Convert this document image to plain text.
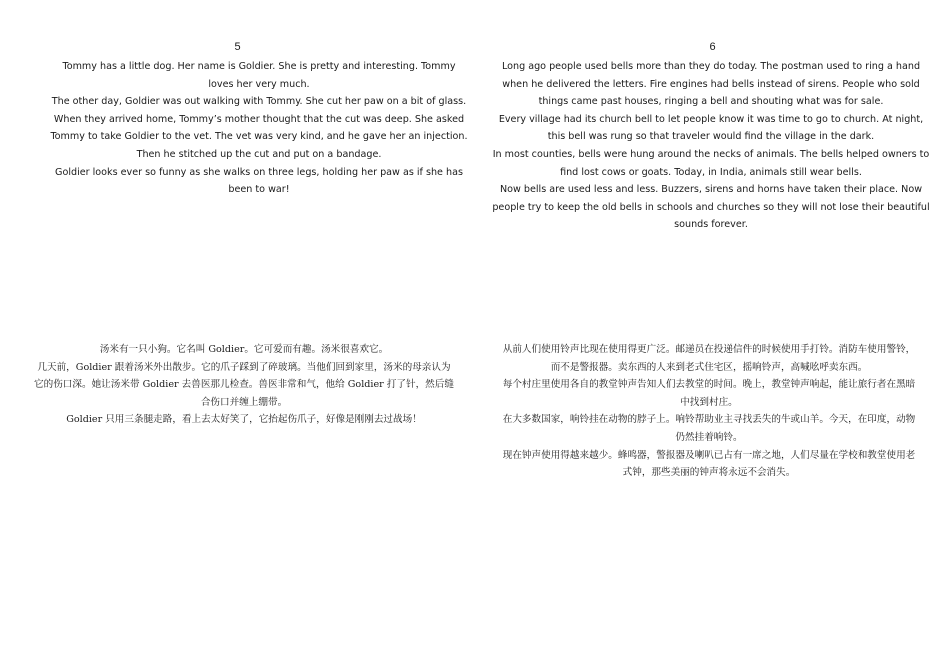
5

Tommy has a little dog. Her name is Goldier. She is pretty and interesting. Tommy loves her very much.

The other day, Goldier was out walking with Tommy. She cut her paw on a bit of glass. When they arrived home, Tommy’s mother thought that the cut was deep. She asked Tommy to take Goldier to the vet. The vet was very kind, and he gave her an injection. Then he stitched up the cut and put on a bandage.

Goldier looks ever so funny as she walks on three legs, holding her paw as if she has been to war!

汤米有一只小狗。它名叫 Goldier。它可爱而有趣。汤米很喜欢它。

几天前，Goldier 跟着汤米外出散步。它的爪子踩到了碎玻璃。当他们回到家里，汤米的母亲认为它的伤口深。她让汤米带 Goldier 去兽医那儿检查。兽医非常和气，他给 Goldier 打了针，然后缝合伤口并缠上绷带。

Goldier 只用三条腿走路，看上去太好笑了，它抬起伤爪子，好像是刚刚去过战场！

6

Long ago people used bells more than they do today. The postman used to ring a hand when he delivered the letters. Fire engines had bells instead of sirens. People who sold things came past houses, ringing a bell and shouting what was for sale.

Every village had its church bell to let people know it was time to go to church. At night, this bell was rung so that traveler would find the village in the dark.

In most counties, bells were hung around the necks of animals. The bells helped owners to find lost cows or goats. Today, in India, animals still wear bells.

Now bells are used less and less. Buzzers, sirens and horns have taken their place. Now people try to keep the old bells in schools and churches so they will not lose their beautiful sounds forever.

从前人们使用铃声比现在使用得更广泛。邮递员在投递信件的时候使用手打铃。消防车使用警铃，而不是警报器。卖东西的人来到老式住宅区，摇响铃声，高喊吆呼卖东西。

每个村庄里使用各自的教堂钟声告知人们去教堂的时间。晚上，教堂钟声响起，能让旅行者在黑暗中找到村庄。

在大多数国家，响铃挂在动物的脖子上。响铃帮助业主寻找丢失的牛或山羊。今天，在印度，动物仍然挂着响铃。

现在钟声使用得越来越少。蜂鸣器，警报器及喇叭已占有一席之地，人们尽量在学校和教堂使用老式钟，那些美丽的钟声将永远不会消失。
